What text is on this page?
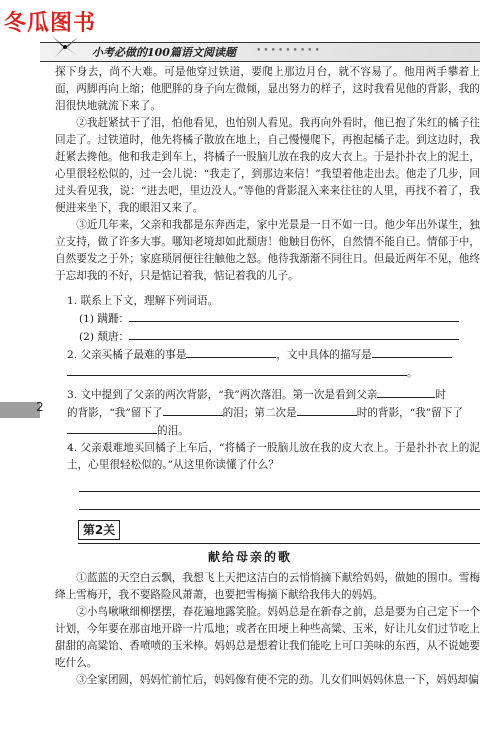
冬瓜图书
小考必做的100篇语文阅读题 •••••••••

探下身去，尚不大难。可是他穿过铁道，要爬上那边月台，就不容易了。他用两手攀着上面，两脚再向上缩；他肥胖的身子向左微倾，显出努力的样子，这时我看见他的背影，我的泪很快地就流下来了。

②我赶紧拭干了泪，怕他看见，也怕别人看见。我再向外看时，他已抱了朱红的橘子往回走了。过铁道时，他先将橘子散放在地上，自己慢慢爬下，再抱起橘子走。到这边时，我赶紧去搀他。他和我走到车上，将橘子一股脑儿放在我的皮大衣上。于是扑扑衣上的泥土，心里很轻松似的，过一会儿说：“我走了，到那边来信！”我望着他走出去。他走了几步，回过头看见我，说：“进去吧，里边没人。”等他的背影混入来来往往的人里，再找不着了，我便进来坐下，我的眼泪又来了。

③近几年来，父亲和我都是东奔西走，家中光景是一日不如一日。他少年出外谋生，独立支持，做了许多大事。哪知老境却如此颓唐！他触目伤怀，自然情不能自已。情郁于中，自然要发之于外；家庭琐屑便往往触他之怒。他待我渐渐不同往日。但最近两年不见，他终于忘却我的不好，只是惦记着我，惦记着我的儿子。

1. 联系上下文，理解下列词语。

(1) 蹒跚：

(2) 颓唐：

2. 父亲买橘子最难的事是	，文中具体的描写是

。

3. 文中提到了父亲的两次背影，“我”两次落泪。第一次是看到父亲	时

的背影，“我”留下了	的泪；第二次是	时的背影，“我”留下了

的泪。

4. 父亲艰难地买回橘子上车后，“将橘子一股脑儿放在我的皮大衣上。于是扑扑衣上的泥土，心里很轻松似的。”从这里你读懂了什么？

2
第2关
献给母亲的歌

①蓝蓝的天空白云飘，我想飞上天把这洁白的云悄悄摘下献给妈妈，做她的围巾。雪梅绛上雪梅开，我不要路险风萧萧，也要把雪梅摘下献给我伟大的妈妈。

②小鸟啾啾细柳摆摆，春花遍地露笑脸。妈妈总是在新春之前，总是要为自己定下一个计划，今年要在那亩地开辟一片瓜地；或者在田埂上种些高粱、玉米，好让儿女们过节吃上甜甜的高粱饴、香喷喷的玉米棒。妈妈总是想着让我们能吃上可口美味的东西，从不说她要吃什么。

③全家团圆，妈妈忙前忙后，妈妈像有使不完的劲。儿女们叫妈妈休息一下，妈妈却偏
